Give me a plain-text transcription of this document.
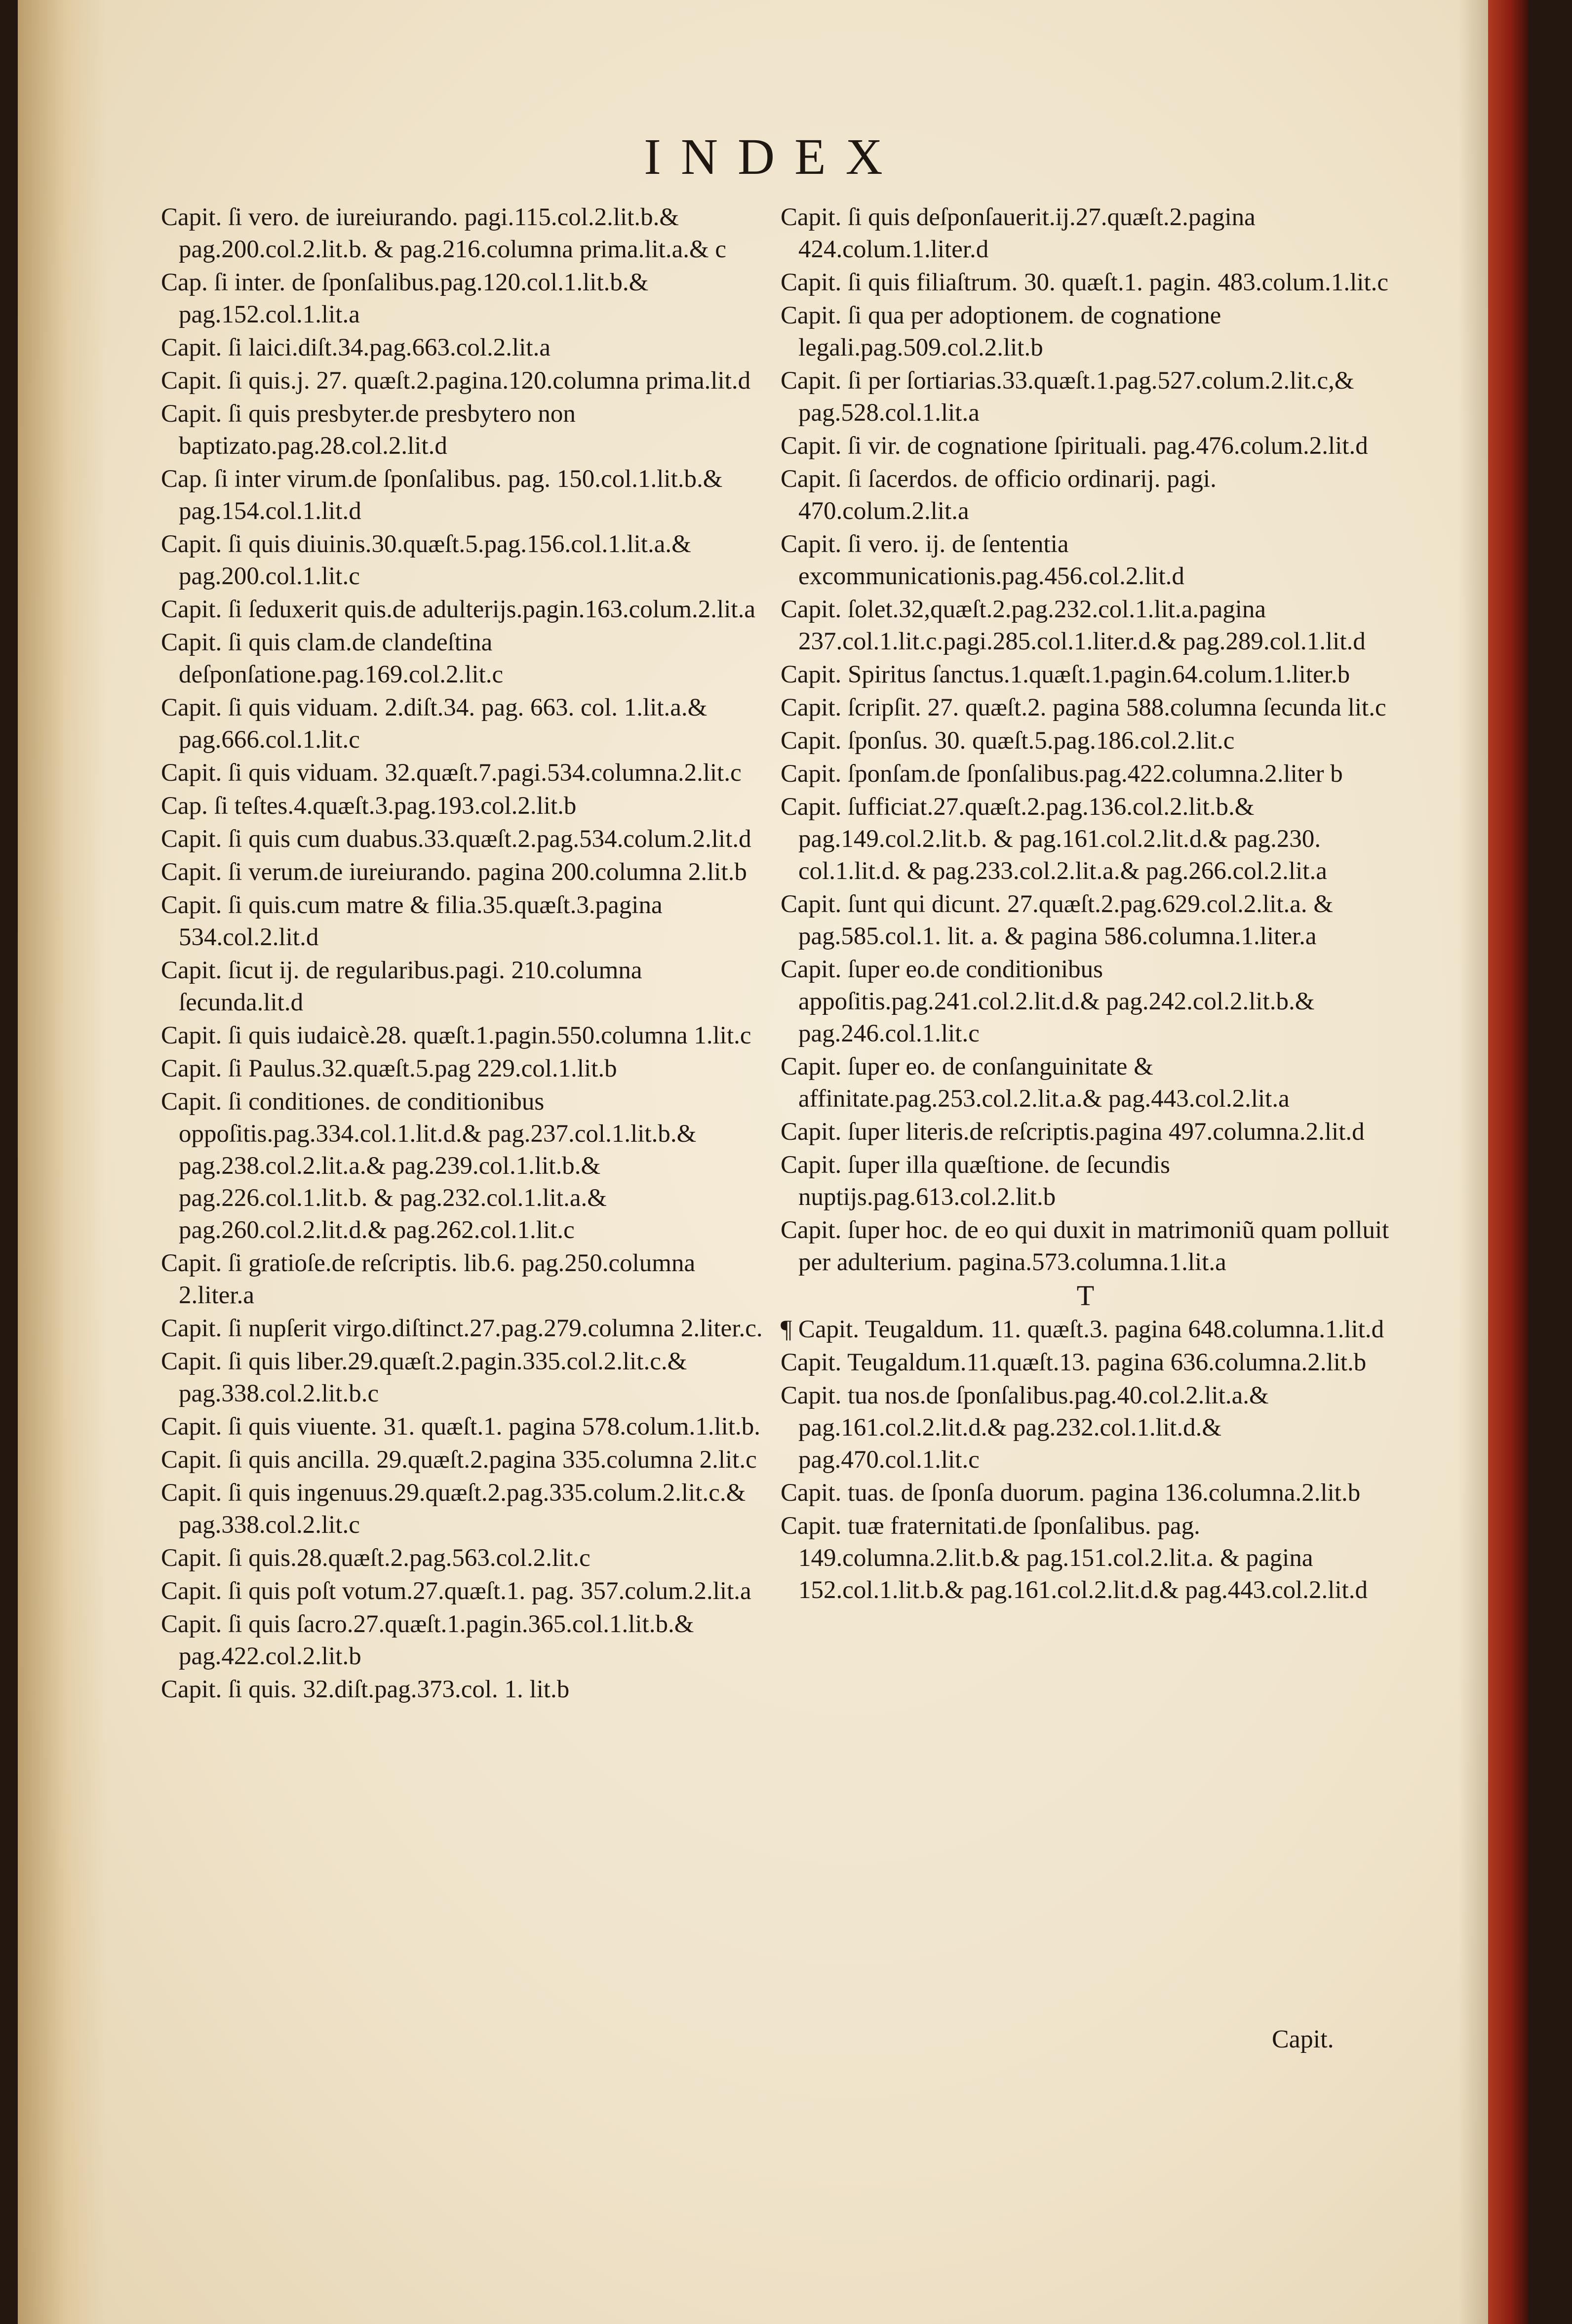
INDEX

Capit. ſi vero. de iureiurando. pagi.115.col.2.lit.b.& pag.200.col.2.lit.b. & pag.216.columna prima.lit.a.& c

Cap. ſi inter. de ſponſalibus.pag.120.col.1.lit.b.& pag.152.col.1.lit.a

Capit. ſi laici.diſt.34.pag.663.col.2.lit.a

Capit. ſi quis.j. 27. quæſt.2.pagina.120.columna prima.lit.d

Capit. ſi quis presbyter.de presbytero non baptizato.pag.28.col.2.lit.d

Cap. ſi inter virum.de ſponſalibus. pag. 150.col.1.lit.b.& pag.154.col.1.lit.d

Capit. ſi quis diuinis.30.quæſt.5.pag.156.col.1.lit.a.& pag.200.col.1.lit.c

Capit. ſi ſeduxerit quis.de adulterijs.pagin.163.colum.2.lit.a

Capit. ſi quis clam.de clandeſtina deſponſatione.pag.169.col.2.lit.c

Capit. ſi quis viduam. 2.diſt.34. pag. 663. col. 1.lit.a.& pag.666.col.1.lit.c

Capit. ſi quis viduam. 32.quæſt.7.pagi.534.columna.2.lit.c

Cap. ſi teſtes.4.quæſt.3.pag.193.col.2.lit.b

Capit. ſi quis cum duabus.33.quæſt.2.pag.534.colum.2.lit.d

Capit. ſi verum.de iureiurando. pagina 200.columna 2.lit.b

Capit. ſi quis.cum matre & filia.35.quæſt.3.pagina 534.col.2.lit.d

Capit. ſicut ij. de regularibus.pagi. 210.columna ſecunda.lit.d

Capit. ſi quis iudaicè.28. quæſt.1.pagin.550.columna 1.lit.c

Capit. ſi Paulus.32.quæſt.5.pag 229.col.1.lit.b

Capit. ſi conditiones. de conditionibus oppoſitis.pag.334.col.1.lit.d.& pag.237.col.1.lit.b.& pag.238.col.2.lit.a.& pag.239.col.1.lit.b.& pag.226.col.1.lit.b. & pag.232.col.1.lit.a.& pag.260.col.2.lit.d.& pag.262.col.1.lit.c

Capit. ſi gratioſe.de reſcriptis. lib.6. pag.250.columna 2.liter.a

Capit. ſi nupſerit virgo.diſtinct.27.pag.279.columna 2.liter.c.

Capit. ſi quis liber.29.quæſt.2.pagin.335.col.2.lit.c.& pag.338.col.2.lit.b.c

Capit. ſi quis viuente. 31. quæſt.1. pagina 578.colum.1.lit.b.

Capit. ſi quis ancilla. 29.quæſt.2.pagina 335.columna 2.lit.c

Capit. ſi quis ingenuus.29.quæſt.2.pag.335.colum.2.lit.c.& pag.338.col.2.lit.c

Capit. ſi quis.28.quæſt.2.pag.563.col.2.lit.c

Capit. ſi quis poſt votum.27.quæſt.1. pag. 357.colum.2.lit.a

Capit. ſi quis ſacro.27.quæſt.1.pagin.365.col.1.lit.b.& pag.422.col.2.lit.b

Capit. ſi quis. 32.diſt.pag.373.col. 1. lit.b

Capit. ſi quis deſponſauerit.ij.27.quæſt.2.pagina 424.colum.1.liter.d

Capit. ſi quis filiaſtrum. 30. quæſt.1. pagin. 483.colum.1.lit.c

Capit. ſi qua per adoptionem. de cognatione legali.pag.509.col.2.lit.b

Capit. ſi per ſortiarias.33.quæſt.1.pag.527.colum.2.lit.c,& pag.528.col.1.lit.a

Capit. ſi vir. de cognatione ſpirituali. pag.476.colum.2.lit.d

Capit. ſi ſacerdos. de officio ordinarij. pagi. 470.colum.2.lit.a

Capit. ſi vero. ij. de ſententia excommunicationis.pag.456.col.2.lit.d

Capit. ſolet.32,quæſt.2.pag.232.col.1.lit.a.pagina 237.col.1.lit.c.pagi.285.col.1.liter.d.& pag.289.col.1.lit.d

Capit. Spiritus ſanctus.1.quæſt.1.pagin.64.colum.1.liter.b

Capit. ſcripſit. 27. quæſt.2. pagina 588.columna ſecunda lit.c

Capit. ſponſus. 30. quæſt.5.pag.186.col.2.lit.c

Capit. ſponſam.de ſponſalibus.pag.422.columna.2.liter b

Capit. ſufficiat.27.quæſt.2.pag.136.col.2.lit.b.& pag.149.col.2.lit.b. & pag.161.col.2.lit.d.& pag.230. col.1.lit.d. & pag.233.col.2.lit.a.& pag.266.col.2.lit.a

Capit. ſunt qui dicunt. 27.quæſt.2.pag.629.col.2.lit.a. & pag.585.col.1. lit. a. & pagina 586.columna.1.liter.a

Capit. ſuper eo.de conditionibus appoſitis.pag.241.col.2.lit.d.& pag.242.col.2.lit.b.& pag.246.col.1.lit.c

Capit. ſuper eo. de conſanguinitate & affinitate.pag.253.col.2.lit.a.& pag.443.col.2.lit.a

Capit. ſuper literis.de reſcriptis.pagina 497.columna.2.lit.d

Capit. ſuper illa quæſtione. de ſecundis nuptijs.pag.613.col.2.lit.b

Capit. ſuper hoc. de eo qui duxit in matrimoniũ quam polluit per adulterium. pagina.573.columna.1.lit.a

T

¶ Capit. Teugaldum. 11. quæſt.3. pagina 648.columna.1.lit.d

Capit. Teugaldum.11.quæſt.13. pagina 636.columna.2.lit.b

Capit. tua nos.de ſponſalibus.pag.40.col.2.lit.a.& pag.161.col.2.lit.d.& pag.232.col.1.lit.d.& pag.470.col.1.lit.c

Capit. tuas. de ſponſa duorum. pagina 136.columna.2.lit.b

Capit. tuæ fraternitati.de ſponſalibus. pag. 149.columna.2.lit.b.& pag.151.col.2.lit.a. & pagina 152.col.1.lit.b.& pag.161.col.2.lit.d.& pag.443.col.2.lit.d

Capit.
